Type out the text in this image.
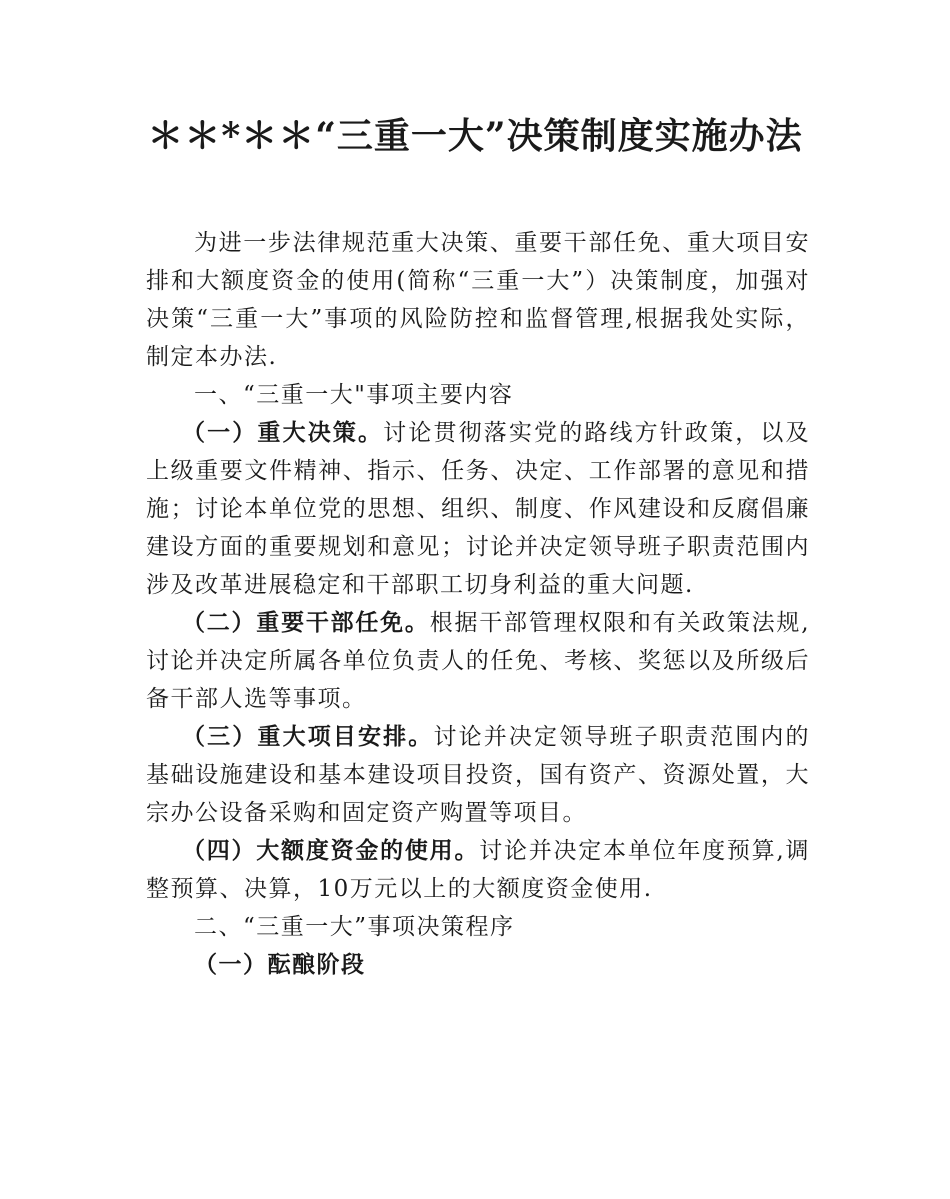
＊＊*＊＊“三重一大”决策制度实施办法

为进一步法律规范重大决策、重要干部任免、重大项目安排和大额度资金的使用(简称“三重一大”）决策制度，加强对决策“三重一大”事项的风险防控和监督管理,根据我处实际，制定本办法.

一、“三重一大"事项主要内容

（一）重大决策。讨论贯彻落实党的路线方针政策，以及上级重要文件精神、指示、任务、决定、工作部署的意见和措施；讨论本单位党的思想、组织、制度、作风建设和反腐倡廉建设方面的重要规划和意见；讨论并决定领导班子职责范围内涉及改革进展稳定和干部职工切身利益的重大问题.

（二）重要干部任免。根据干部管理权限和有关政策法规,讨论并决定所属各单位负责人的任免、考核、奖惩以及所级后备干部人选等事项。

（三）重大项目安排。讨论并决定领导班子职责范围内的基础设施建设和基本建设项目投资，国有资产、资源处置，大宗办公设备采购和固定资产购置等项目。

（四）大额度资金的使用。讨论并决定本单位年度预算,调整预算、决算，10万元以上的大额度资金使用.

二、“三重一大”事项决策程序

（一）酝酿阶段
